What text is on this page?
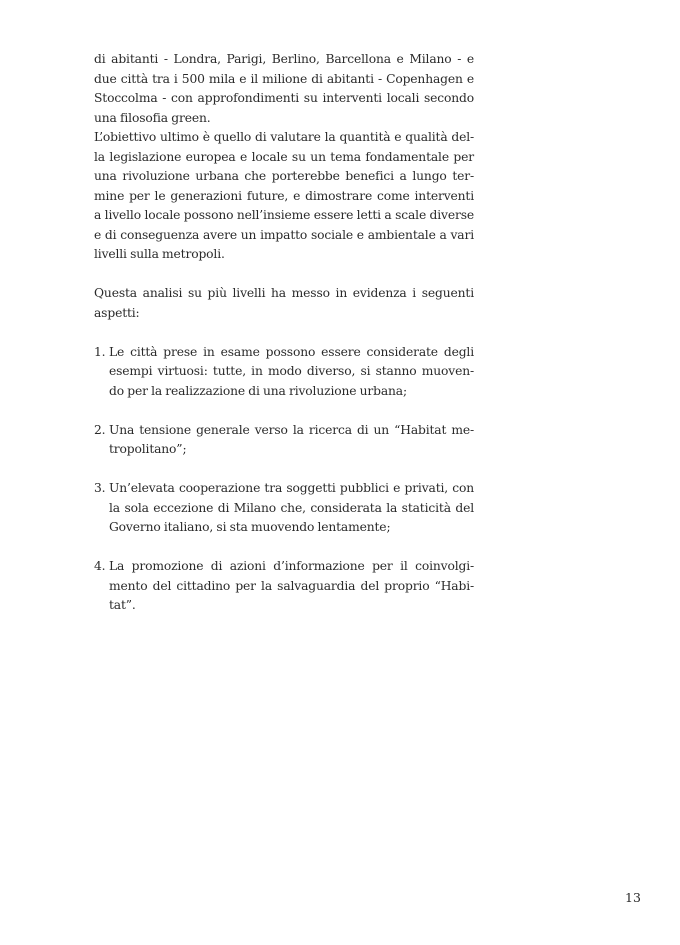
di abitanti - Londra, Parigi, Berlino, Barcellona e Milano - e
due città tra i 500 mila e il milione di abitanti - Copenhagen e
Stoccolma - con approfondimenti su interventi locali secondo
una filosofia green.
L’obiettivo ultimo è quello di valutare la quantità e qualità del-
la legislazione europea e locale su un tema fondamentale per
una rivoluzione urbana che porterebbe benefici a lungo ter-
mine per le generazioni future, e dimostrare come interventi
a livello locale possono nell’insieme essere letti a scale diverse
e di conseguenza avere un impatto sociale e ambientale a vari
livelli sulla metropoli.
Questa analisi su più livelli ha messo in evidenza i seguenti
aspetti:
1. Le città prese in esame possono essere considerate degli
esempi virtuosi: tutte, in modo diverso, si stanno muoven-
do per la realizzazione di una rivoluzione urbana;
2. Una tensione generale verso la ricerca di un “Habitat me-
tropolitano”;
3. Un’elevata cooperazione tra soggetti pubblici e privati, con
la sola eccezione di Milano che, considerata la staticità del
Governo italiano, si sta muovendo lentamente;
4. La promozione di azioni d’informazione per il coinvolgi-
mento del cittadino per la salvaguardia del proprio “Habi-
tat”.
13
